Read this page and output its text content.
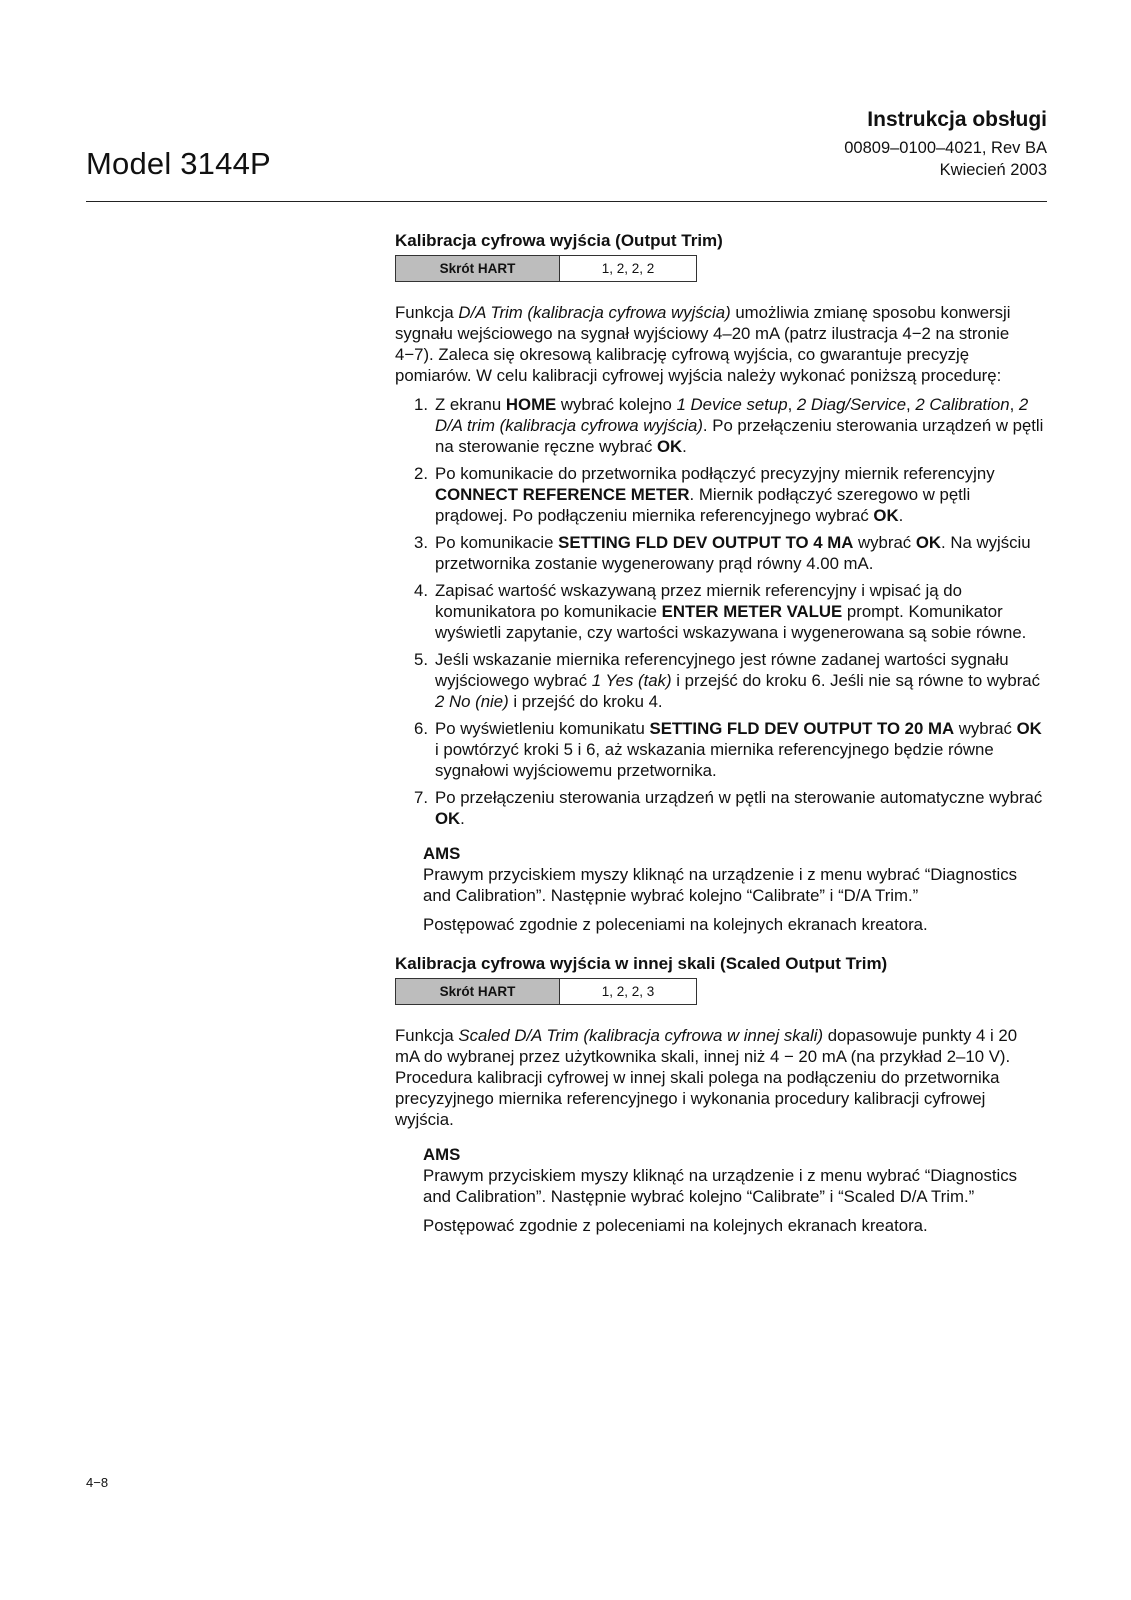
Model 3144P
Instrukcja obsługi
00809–0100–4021, Rev BA
Kwiecień 2003
Kalibracja cyfrowa wyjścia (Output Trim)
Skrót HART	1, 2, 2, 2

Funkcja D/A Trim (kalibracja cyfrowa wyjścia) umożliwia zmianę sposobu konwersji sygnału wejściowego na sygnał wyjściowy 4–20 mA (patrz ilustracja 4−2 na stronie 4−7). Zaleca się okresową kalibrację cyfrową wyjścia, co gwarantuje precyzję pomiarów. W celu kalibracji cyfrowej wyjścia należy wykonać poniższą procedurę:

1. Z ekranu HOME wybrać kolejno 1 Device setup, 2 Diag/Service, 2 Calibration, 2 D/A trim (kalibracja cyfrowa wyjścia). Po przełączeniu sterowania urządzeń w pętli na sterowanie ręczne wybrać OK.
2. Po komunikacie do przetwornika podłączyć precyzyjny miernik referencyjny CONNECT REFERENCE METER. Miernik podłączyć szeregowo w pętli prądowej. Po podłączeniu miernika referencyjnego wybrać OK.
3. Po komunikacie SETTING FLD DEV OUTPUT TO 4 MA wybrać OK. Na wyjściu przetwornika zostanie wygenerowany prąd równy 4.00 mA.
4. Zapisać wartość wskazywaną przez miernik referencyjny i wpisać ją do komunikatora po komunikacie ENTER METER VALUE prompt. Komunikator wyświetli zapytanie, czy wartości wskazywana i wygenerowana są sobie równe.
5. Jeśli wskazanie miernika referencyjnego jest równe zadanej wartości sygnału wyjściowego wybrać 1 Yes (tak) i przejść do kroku 6. Jeśli nie są równe to wybrać 2 No (nie) i przejść do kroku 4.
6. Po wyświetleniu komunikatu SETTING FLD DEV OUTPUT TO 20 MA wybrać OK i powtórzyć kroki 5 i 6, aż wskazania miernika referencyjnego będzie równe sygnałowi wyjściowemu przetwornika.
7. Po przełączeniu sterowania urządzeń w pętli na sterowanie automatyczne wybrać OK.
AMS

Prawym przyciskiem myszy kliknąć na urządzenie i z menu wybrać “Diagnostics and Calibration”. Następnie wybrać kolejno “Calibrate” i “D/A Trim.”

Postępować zgodnie z poleceniami na kolejnych ekranach kreatora.

Kalibracja cyfrowa wyjścia w innej skali (Scaled Output Trim)
Skrót HART	1, 2, 2, 3

Funkcja Scaled D/A Trim (kalibracja cyfrowa w innej skali) dopasowuje punkty 4 i 20 mA do wybranej przez użytkownika skali, innej niż 4 − 20 mA (na przykład 2–10 V). Procedura kalibracji cyfrowej w innej skali polega na podłączeniu do przetwornika precyzyjnego miernika referencyjnego i wykonania procedury kalibracji cyfrowej wyjścia.

AMS

Prawym przyciskiem myszy kliknąć na urządzenie i z menu wybrać “Diagnostics and Calibration”. Następnie wybrać kolejno “Calibrate” i “Scaled D/A Trim.”

Postępować zgodnie z poleceniami na kolejnych ekranach kreatora.

4−8
